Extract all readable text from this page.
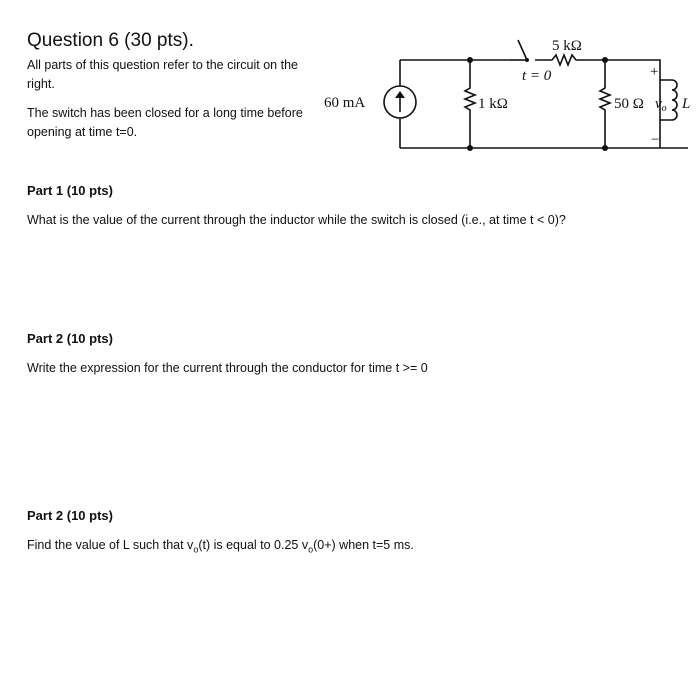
Question 6 (30 pts).
All parts of this question refer to the circuit on the right.
The switch has been closed for a long time before opening at time t=0.
60 mA	1 kΩ
5 kΩ
t = 0
50 Ω $v_o$
+
−
L
Part 1 (10 pts)
What is the value of the current through the inductor while the switch is closed (i.e., at time t < 0)?
Part 2 (10 pts)
Write the expression for the current through the conductor for time t >= 0
Part 2 (10 pts)
Find the value of L such that $v_o(t)$ is equal to 0.25 $v_o(0+)$ when t=5 ms.
